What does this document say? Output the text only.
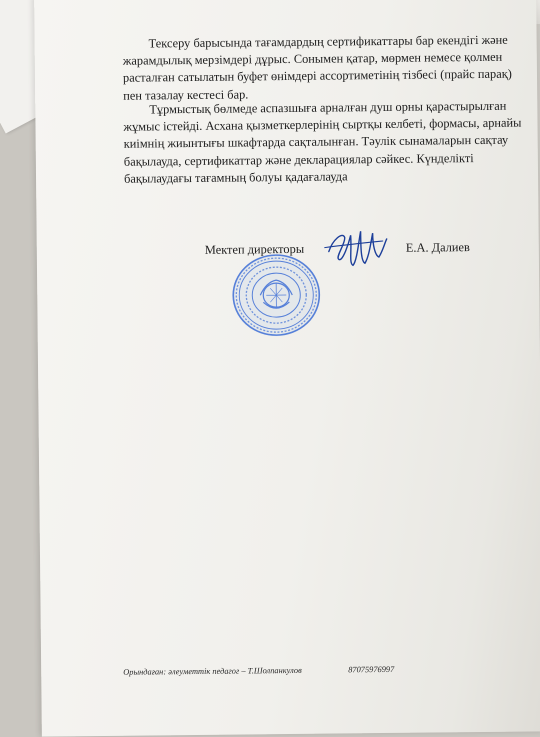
Тексеру барысында тағамдардың сертификаттары бар екендігі және жарамдылық мерзімдері дұрыс. Сонымен қатар, мөрмен немесе қолмен расталған сатылатын буфет өнімдері ассортиметінің тізбесі (прайс парақ) пен тазалау кестесі бар.

Тұрмыстық бөлмеде аспазшыға арналған душ орны қарастырылған жұмыс істейді. Асхана қызметкерлерінің сыртқы келбеті, формасы, арнайы киімнің жиынтығы шкафтарда сақталынған. Тәулік сынамаларын сақтау бақылауда, сертификаттар және декларациялар сәйкес. Күнделікті бақылаудағы тағамның болуы қадағалауда

Мектеп директоры	Е.А. Далиев
Орындаған: әлеуметтік педагог – Т.Шолпанкулов	87075976997
